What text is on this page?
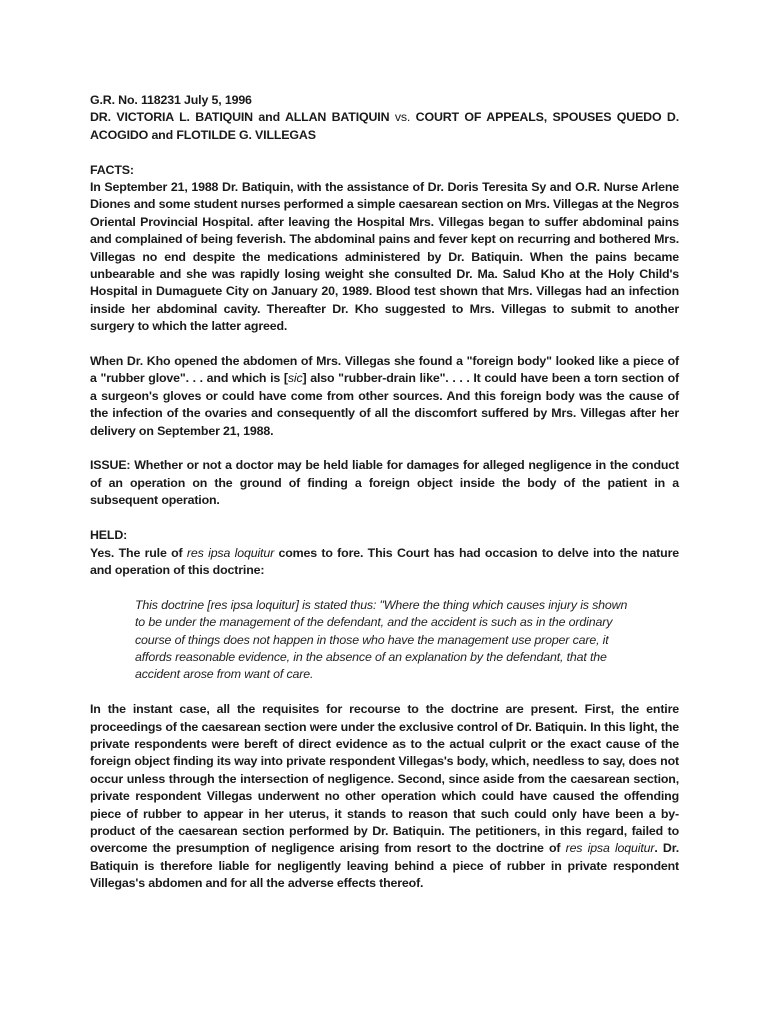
G.R. No. 118231 July 5, 1996
DR. VICTORIA L. BATIQUIN and ALLAN BATIQUIN vs. COURT OF APPEALS, SPOUSES QUEDO D. ACOGIDO and FLOTILDE G. VILLEGAS

FACTS:

In September 21, 1988 Dr. Batiquin, with the assistance of Dr. Doris Teresita Sy and O.R. Nurse Arlene Diones and some student nurses performed a simple caesarean section on Mrs. Villegas at the Negros Oriental Provincial Hospital. after leaving the Hospital Mrs. Villegas began to suffer abdominal pains and complained of being feverish. The abdominal pains and fever kept on recurring and bothered Mrs. Villegas no end despite the medications administered by Dr. Batiquin. When the pains became unbearable and she was rapidly losing weight she consulted Dr. Ma. Salud Kho at the Holy Child's Hospital in Dumaguete City on January 20, 1989. Blood test shown that Mrs. Villegas had an infection inside her abdominal cavity. Thereafter Dr. Kho suggested to Mrs. Villegas to submit to another surgery to which the latter agreed.

When Dr. Kho opened the abdomen of Mrs. Villegas she found a "foreign body" looked like a piece of a "rubber glove". . . and which is [sic] also "rubber-drain like". . . . It could have been a torn section of a surgeon's gloves or could have come from other sources. And this foreign body was the cause of the infection of the ovaries and consequently of all the discomfort suffered by Mrs. Villegas after her delivery on September 21, 1988.

ISSUE: Whether or not a doctor may be held liable for damages for alleged negligence in the conduct of an operation on the ground of finding a foreign object inside the body of the patient in a subsequent operation.

HELD:

Yes. The rule of res ipsa loquitur comes to fore. This Court has had occasion to delve into the nature and operation of this doctrine:

This doctrine [res ipsa loquitur] is stated thus: "Where the thing which causes injury is shown to be under the management of the defendant, and the accident is such as in the ordinary course of things does not happen in those who have the management use proper care, it affords reasonable evidence, in the absence of an explanation by the defendant, that the accident arose from want of care.

In the instant case, all the requisites for recourse to the doctrine are present. First, the entire proceedings of the caesarean section were under the exclusive control of Dr. Batiquin. In this light, the private respondents were bereft of direct evidence as to the actual culprit or the exact cause of the foreign object finding its way into private respondent Villegas's body, which, needless to say, does not occur unless through the intersection of negligence. Second, since aside from the caesarean section, private respondent Villegas underwent no other operation which could have caused the offending piece of rubber to appear in her uterus, it stands to reason that such could only have been a by-product of the caesarean section performed by Dr. Batiquin. The petitioners, in this regard, failed to overcome the presumption of negligence arising from resort to the doctrine of res ipsa loquitur. Dr. Batiquin is therefore liable for negligently leaving behind a piece of rubber in private respondent Villegas's abdomen and for all the adverse effects thereof.
